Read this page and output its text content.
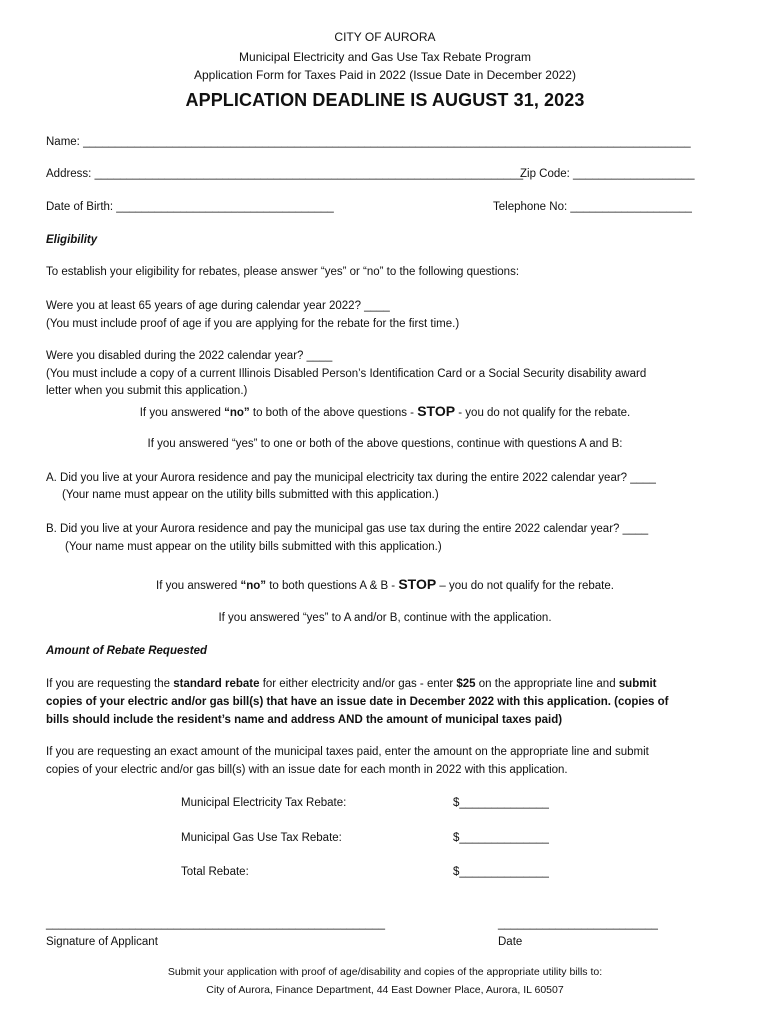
CITY OF AURORA
Municipal Electricity and Gas Use Tax Rebate Program
Application Form for Taxes Paid in 2022 (Issue Date in December 2022)
APPLICATION DEADLINE IS AUGUST 31, 2023
Name: _______________________________________________________________________________________________
Address: ___________________________________________________________________
Zip Code: ___________________
Date of Birth: __________________________________	Telephone No: ___________________
Eligibility
To establish your eligibility for rebates, please answer “yes” or “no” to the following questions:
Were you at least 65 years of age during calendar year 2022? ____
(You must include proof of age if you are applying for the rebate for the first time.)
Were you disabled during the 2022 calendar year? ____
(You must include a copy of a current Illinois Disabled Person’s Identification Card or a Social Security disability award
letter when you submit this application.)
If you answered “no” to both of the above questions - STOP - you do not qualify for the rebate.
If you answered “yes” to one or both of the above questions, continue with questions A and B:
A. Did you live at your Aurora residence and pay the municipal electricity tax during the entire 2022 calendar year? ____
(Your name must appear on the utility bills submitted with this application.)
B. Did you live at your Aurora residence and pay the municipal gas use tax during the entire 2022 calendar year? ____
(Your name must appear on the utility bills submitted with this application.)
If you answered “no” to both questions A & B - STOP – you do not qualify for the rebate.
If you answered “yes” to A and/or B, continue with the application.
Amount of Rebate Requested
If you are requesting the standard rebate for either electricity and/or gas - enter $25 on the appropriate line and submit
copies of your electric and/or gas bill(s) that have an issue date in December 2022 with this application. (copies of
bills should include the resident’s name and address AND the amount of municipal taxes paid)
If you are requesting an exact amount of the municipal taxes paid, enter the amount on the appropriate line and submit
copies of your electric and/or gas bill(s) with an issue date for each month in 2022 with this application.
Municipal Electricity Tax Rebate:	$______________
Municipal Gas Use Tax Rebate:	$______________
Total Rebate:	$______________
_____________________________________________________
Signature of Applicant
_________________________
Date
Submit your application with proof of age/disability and copies of the appropriate utility bills to:
City of Aurora, Finance Department, 44 East Downer Place, Aurora, IL 60507
